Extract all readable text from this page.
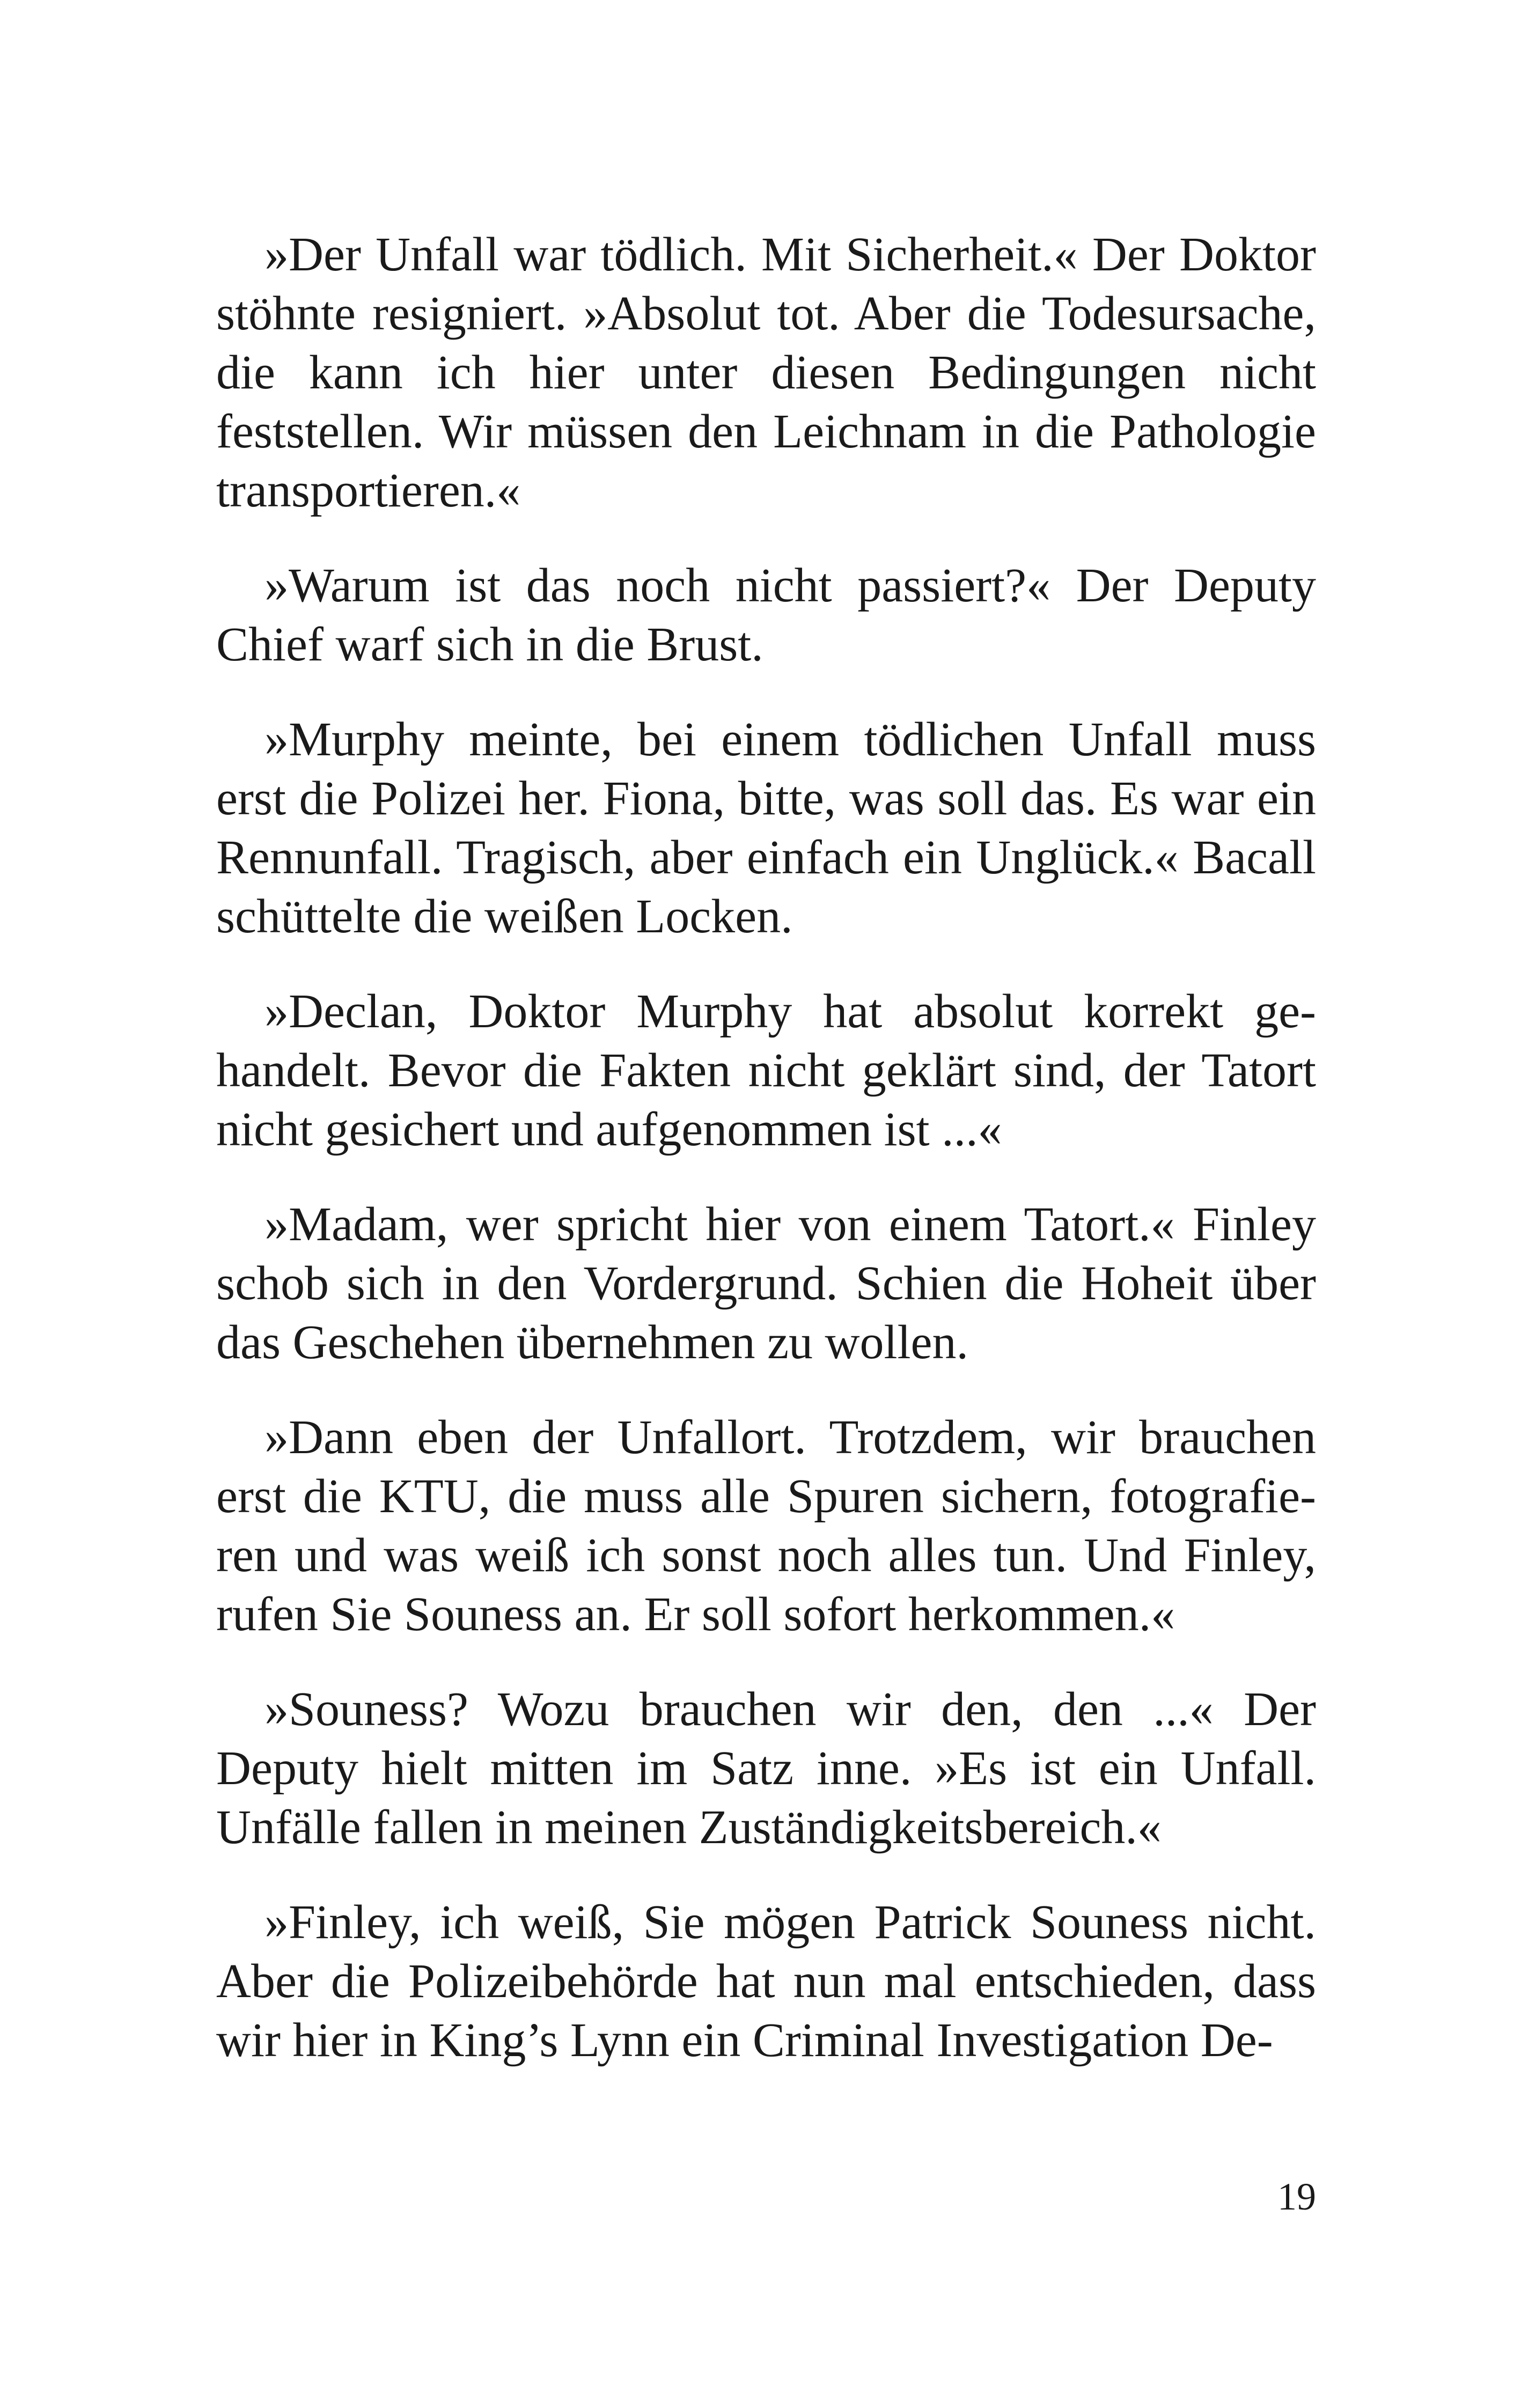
»Der Unfall war tödlich. Mit Sicherheit.« Der Doktor stöhnte resigniert. »Absolut tot. Aber die Todesursache, die kann ich hier unter diesen Bedingungen nicht feststellen. Wir müssen den Leichnam in die Pathologie transportieren.«

»Warum ist das noch nicht passiert?« Der Deputy Chief warf sich in die Brust.

»Murphy meinte, bei einem tödlichen Unfall muss erst die Polizei her. Fiona, bitte, was soll das. Es war ein Rennunfall. Tragisch, aber einfach ein Unglück.« Bacall schüttelte die weißen Locken.

»Declan, Doktor Murphy hat absolut korrekt gehandelt. Bevor die Fakten nicht geklärt sind, der Tatort nicht gesichert und aufgenommen ist ...«

»Madam, wer spricht hier von einem Tatort.« Finley schob sich in den Vordergrund. Schien die Hoheit über das Geschehen übernehmen zu wollen.

»Dann eben der Unfallort. Trotzdem, wir brauchen erst die KTU, die muss alle Spuren sichern, fotografieren und was weiß ich sonst noch alles tun. Und Finley, rufen Sie Souness an. Er soll sofort herkommen.«

»Souness? Wozu brauchen wir den, den ...« Der Deputy hielt mitten im Satz inne. »Es ist ein Unfall. Unfälle fallen in meinen Zuständigkeitsbereich.«

»Finley, ich weiß, Sie mögen Patrick Souness nicht. Aber die Polizeibehörde hat nun mal entschieden, dass wir hier in King’s Lynn ein Criminal Investigation De-

19
